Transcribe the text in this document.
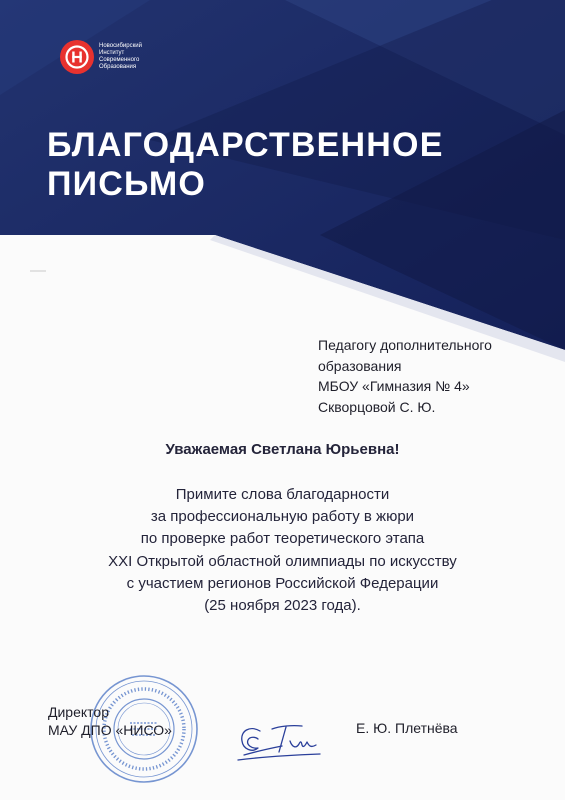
Новосибирский
Институт
Современного
Образования
БЛАГОДАРСТВЕННОЕ
ПИСЬМО
Педагогу дополнительного
образования
МБОУ «Гимназия № 4»
Скворцовой С. Ю.

Уважаемая Светлана Юрьевна!

Примите слова благодарности
за профессиональную работу в жюри
по проверке работ теоретического этапа
XXI Открытой областной олимпиады по искусству
с участием регионов Российской Федерации
(25 ноября 2023 года).
Директор
МАУ ДПО «НИСО»	Е. Ю. Плетнёва
